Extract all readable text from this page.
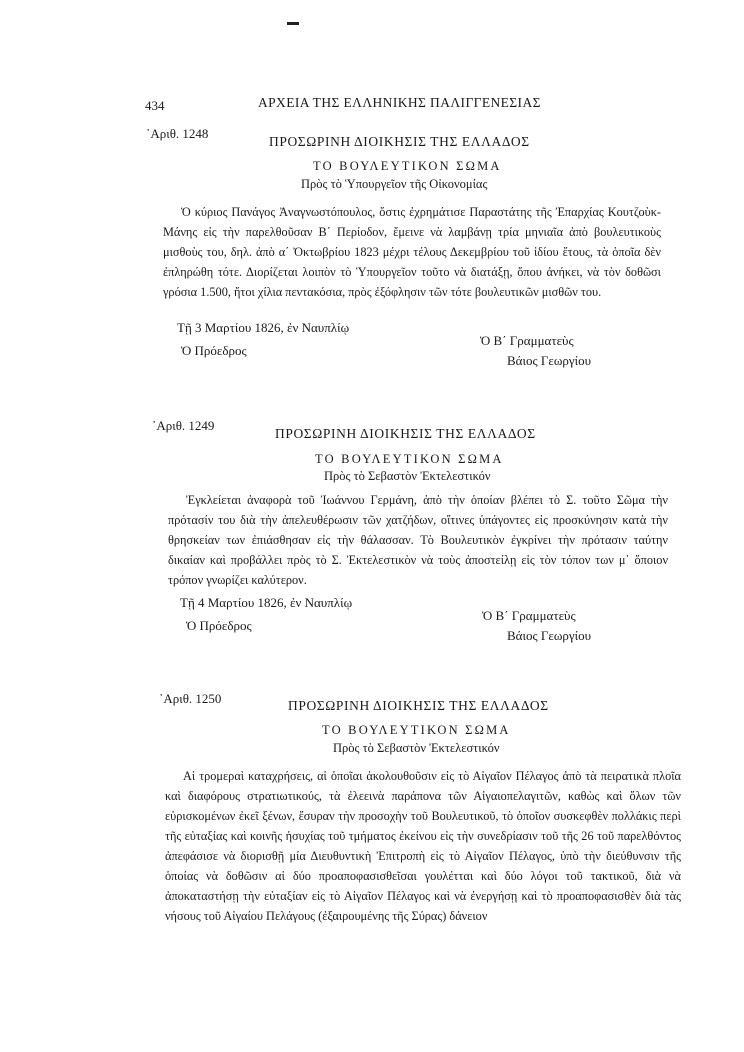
434	ΑΡΧΕΙΑ ΤΗΣ ΕΛΛΗΝΙΚΗΣ ΠΑΛΙΓΓΕΝΕΣΙΑΣ
᾿Αριθ. 1248
ΠΡΟΣΩΡΙΝΗ ΔΙΟΙΚΗΣΙΣ ΤΗΣ ΕΛΛΑΔΟΣ
ΤΟ ΒΟΥΛΕΥΤΙΚΟΝ ΣΩΜΑ
Πρὸς τὸ Ὑπουργεῖον τῆς Οἰκονομίας
Ὁ κύριος Πανάγος Ἀναγνωστόπουλος, ὅστις ἐχρημάτισε Παραστάτης τῆς Ἐπαρχίας Κουτζοὺκ-Μάνης εἰς τὴν παρελθοῦσαν Β΄ Περίοδον, ἔμεινε νὰ λαμβάνῃ τρία μηνιαῖα ἀπὸ βουλευτικοὺς μισθοὺς του, δηλ. ἀπὸ α΄ Ὀκτωβρίου 1823 μέχρι τέλους Δεκεμβρίου τοῦ ἰδίου ἔτους, τὰ ὁποῖα δὲν ἐπληρώθη τότε. Διορίζεται λοιπὸν τὸ Ὑπουργεῖον τοῦτο νὰ διατάξῃ, ὅπου ἀνήκει, νὰ τὸν δοθῶσι γρόσια 1.500, ἤτοι χίλια πεντακόσια, πρὸς ἐξόφλησιν τῶν τότε βουλευτικῶν μισθῶν του.
Τῇ 3 Μαρτίου 1826, ἐν Ναυπλίῳ
Ὁ Πρόεδρος
Ὁ Β΄ Γραμματεὺς
Βάιος Γεωργίου
᾿Αριθ. 1249
ΠΡΟΣΩΡΙΝΗ ΔΙΟΙΚΗΣΙΣ ΤΗΣ ΕΛΛΑΔΟΣ
ΤΟ ΒΟΥΛΕΥΤΙΚΟΝ ΣΩΜΑ
Πρὸς τὸ Σεβαστὸν Ἐκτελεστικόν
Ἐγκλείεται ἀναφορὰ τοῦ Ἰωάννου Γερμάνη, ἀπὸ τὴν ὁποίαν βλέπει τὸ Σ. τοῦτο Σῶμα τὴν πρότασίν του διὰ τὴν ἀπελευθέρωσιν τῶν χατζήδων, οἵτινες ὑπάγοντες εἰς προσκύνησιν κατὰ τὴν θρησκείαν των ἐπιάσθησαν εἰς τὴν θάλασσαν. Τὸ Βουλευτικὸν ἐγκρίνει τὴν πρότασιν ταύτην δικαίαν καὶ προβάλλει πρὸς τὸ Σ. Ἐκτελεστικὸν νὰ τοὺς ἀποστείλῃ εἰς τὸν τόπον των μ᾿ ὅποιον τρόπον γνωρίζει καλύτερον.
Τῇ 4 Μαρτίου 1826, ἐν Ναυπλίῳ
Ὁ Πρόεδρος
Ὁ Β΄ Γραμματεὺς
Βάιος Γεωργίου
᾿Αριθ. 1250	ΠΡΟΣΩΡΙΝΗ ΔΙΟΙΚΗΣΙΣ ΤΗΣ ΕΛΛΑΔΟΣ
ΤΟ ΒΟΥΛΕΥΤΙΚΟΝ ΣΩΜΑ
Πρὸς τὸ Σεβαστὸν Ἐκτελεστικόν
Αἱ τρομεραὶ καταχρήσεις, αἱ ὁποῖαι ἀκολουθοῦσιν εἰς τὸ Αἰγαῖον Πέλαγος ἀπὸ τὰ πειρατικὰ πλοῖα καὶ διαφόρους στρατιωτικούς, τὰ ἐλεεινὰ παράπονα τῶν Αἰγαιοπελαγιτῶν, καθὼς καὶ ὅλων τῶν εὑρισκομένων ἐκεῖ ξένων, ἔσυραν τὴν προσοχὴν τοῦ Βουλευτικοῦ, τὸ ὁποῖον συσκεφθὲν πολλάκις περὶ τῆς εὐταξίας καὶ κοινῆς ἡσυχίας τοῦ τμήματος ἐκείνου εἰς τὴν συνεδρίασιν τοῦ τῆς 26 τοῦ παρελθόντος ἀπεφάσισε νὰ διορισθῇ μία Διευθυντικὴ Ἐπιτροπὴ εἰς τὸ Αἰγαῖον Πέλαγος, ὑπὸ τὴν διεύθυνσιν τῆς ὁποίας νὰ δοθῶσιν αἱ δύο προαποφασισθεῖσαι γουλέτται καὶ δύο λόγοι τοῦ τακτικοῦ, διὰ νὰ ἀποκαταστήσῃ τὴν εὐταξίαν εἰς τὸ Αἰγαῖον Πέλαγος καὶ νὰ ἐνεργήσῃ καὶ τὸ προαποφασισθὲν διὰ τὰς νήσους τοῦ Αἰγαίου Πελάγους (ἐξαιρουμένης τῆς Σύρας) δάνειον
